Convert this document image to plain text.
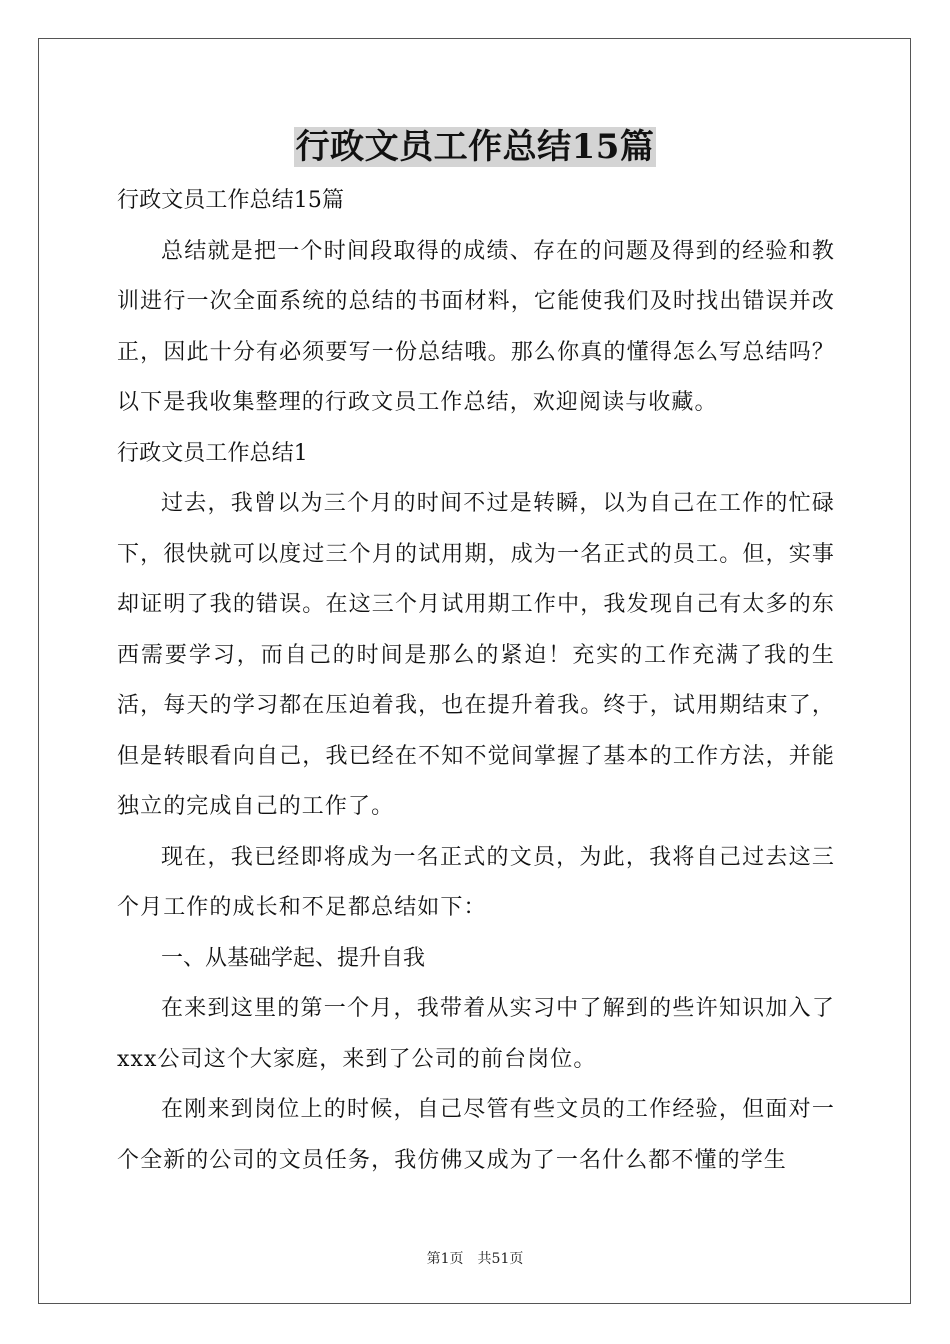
行政文员工作总结15篇
行政文员工作总结15篇

总结就是把一个时间段取得的成绩、存在的问题及得到的经验和教训进行一次全面系统的总结的书面材料，它能使我们及时找出错误并改正，因此十分有必须要写一份总结哦。那么你真的懂得怎么写总结吗？以下是我收集整理的行政文员工作总结，欢迎阅读与收藏。

行政文员工作总结1

过去，我曾以为三个月的时间不过是转瞬，以为自己在工作的忙碌下，很快就可以度过三个月的试用期，成为一名正式的员工。但，实事却证明了我的错误。在这三个月试用期工作中，我发现自己有太多的东西需要学习，而自己的时间是那么的紧迫！充实的工作充满了我的生活，每天的学习都在压迫着我，也在提升着我。终于，试用期结束了，但是转眼看向自己，我已经在不知不觉间掌握了基本的工作方法，并能独立的完成自己的工作了。

现在，我已经即将成为一名正式的文员，为此，我将自己过去这三个月工作的成长和不足都总结如下：

一、从基础学起、提升自我

在来到这里的第一个月，我带着从实习中了解到的些许知识加入了xxx公司这个大家庭，来到了公司的前台岗位。

在刚来到岗位上的时候，自己尽管有些文员的工作经验，但面对一个全新的公司的文员任务，我仿佛又成为了一名什么都不懂的学生

第1页 共51页
